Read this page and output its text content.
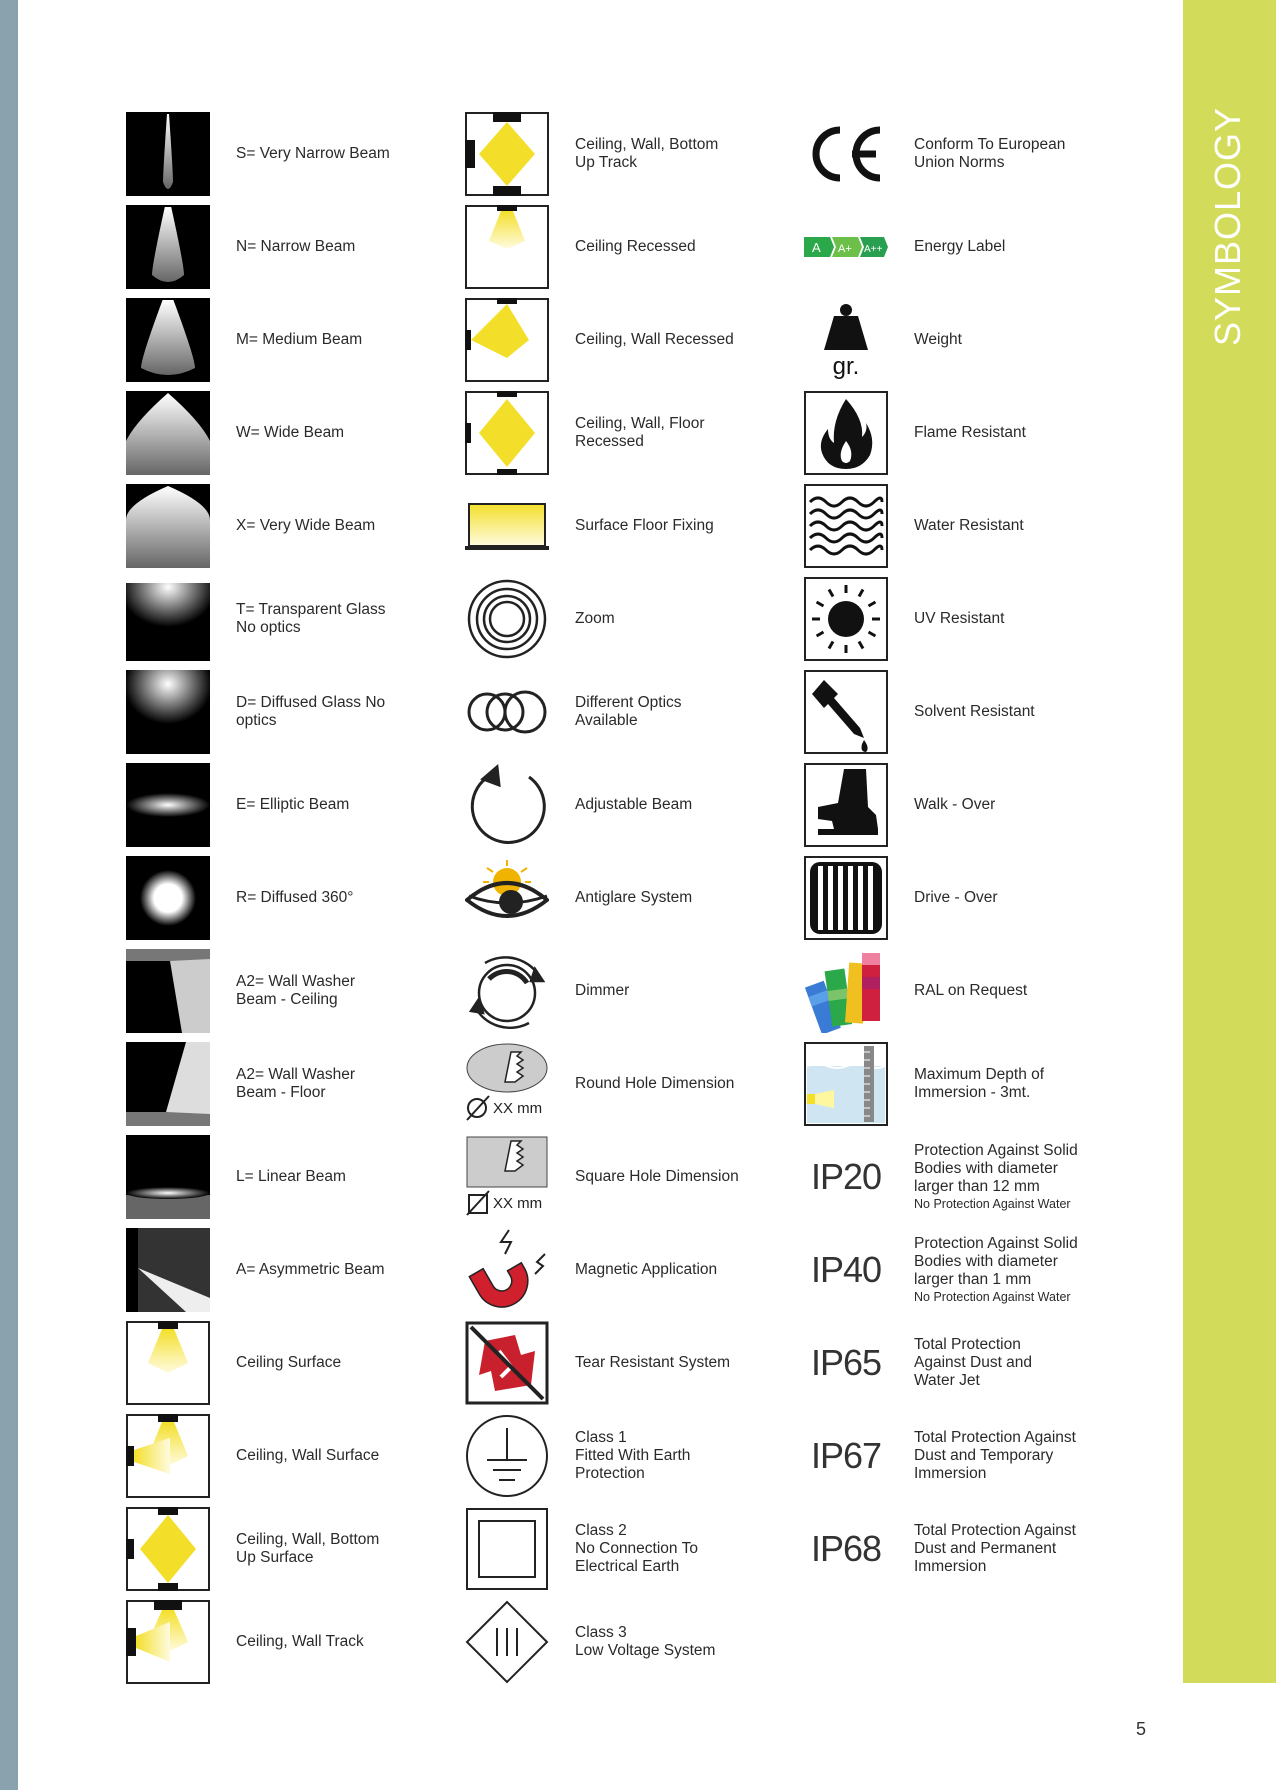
SYMBOLOGY
S= Very Narrow Beam
N= Narrow Beam
M= Medium Beam
W= Wide Beam
X= Very Wide Beam
T= Transparent Glass
No optics
D= Diffused Glass No
optics
E= Elliptic Beam
R= Diffused 360°
A2= Wall Washer
Beam - Ceiling
A2= Wall Washer
Beam - Floor
L= Linear Beam
A= Asymmetric Beam
Ceiling Surface
Ceiling, Wall Surface
Ceiling, Wall, Bottom
Up Surface
Ceiling, Wall Track
Ceiling, Wall, Bottom
Up Track
Ceiling Recessed
Ceiling, Wall Recessed
Ceiling, Wall, Floor
Recessed
Surface Floor Fixing
Zoom
Different Optics
Available
Adjustable Beam
Antiglare System
Dimmer
XX mm
Round Hole Dimension
XX mm
Square Hole Dimension
Magnetic Application
Tear Resistant System
Class 1
Fitted With Earth
Protection
Class 2
No Connection To
Electrical Earth
Class 3
Low Voltage System
Conform To European
Union Norms
A A+ A++ Energy Label
gr.
Weight
Flame Resistant
Water Resistant
UV Resistant
Solvent Resistant
Walk - Over
Drive - Over
RAL on Request
Maximum Depth of
Immersion - 3mt.
IP20
Protection Against Solid
Bodies with diameter
larger than 12 mm
No Protection Against Water
IP40
Protection Against Solid
Bodies with diameter
larger than 1 mm
No Protection Against Water
IP65 Total Protection
Against Dust and
Water Jet
IP67 Total Protection Against
Dust and Temporary
Immersion
IP68 Total Protection Against
Dust and Permanent
Immersion
5
